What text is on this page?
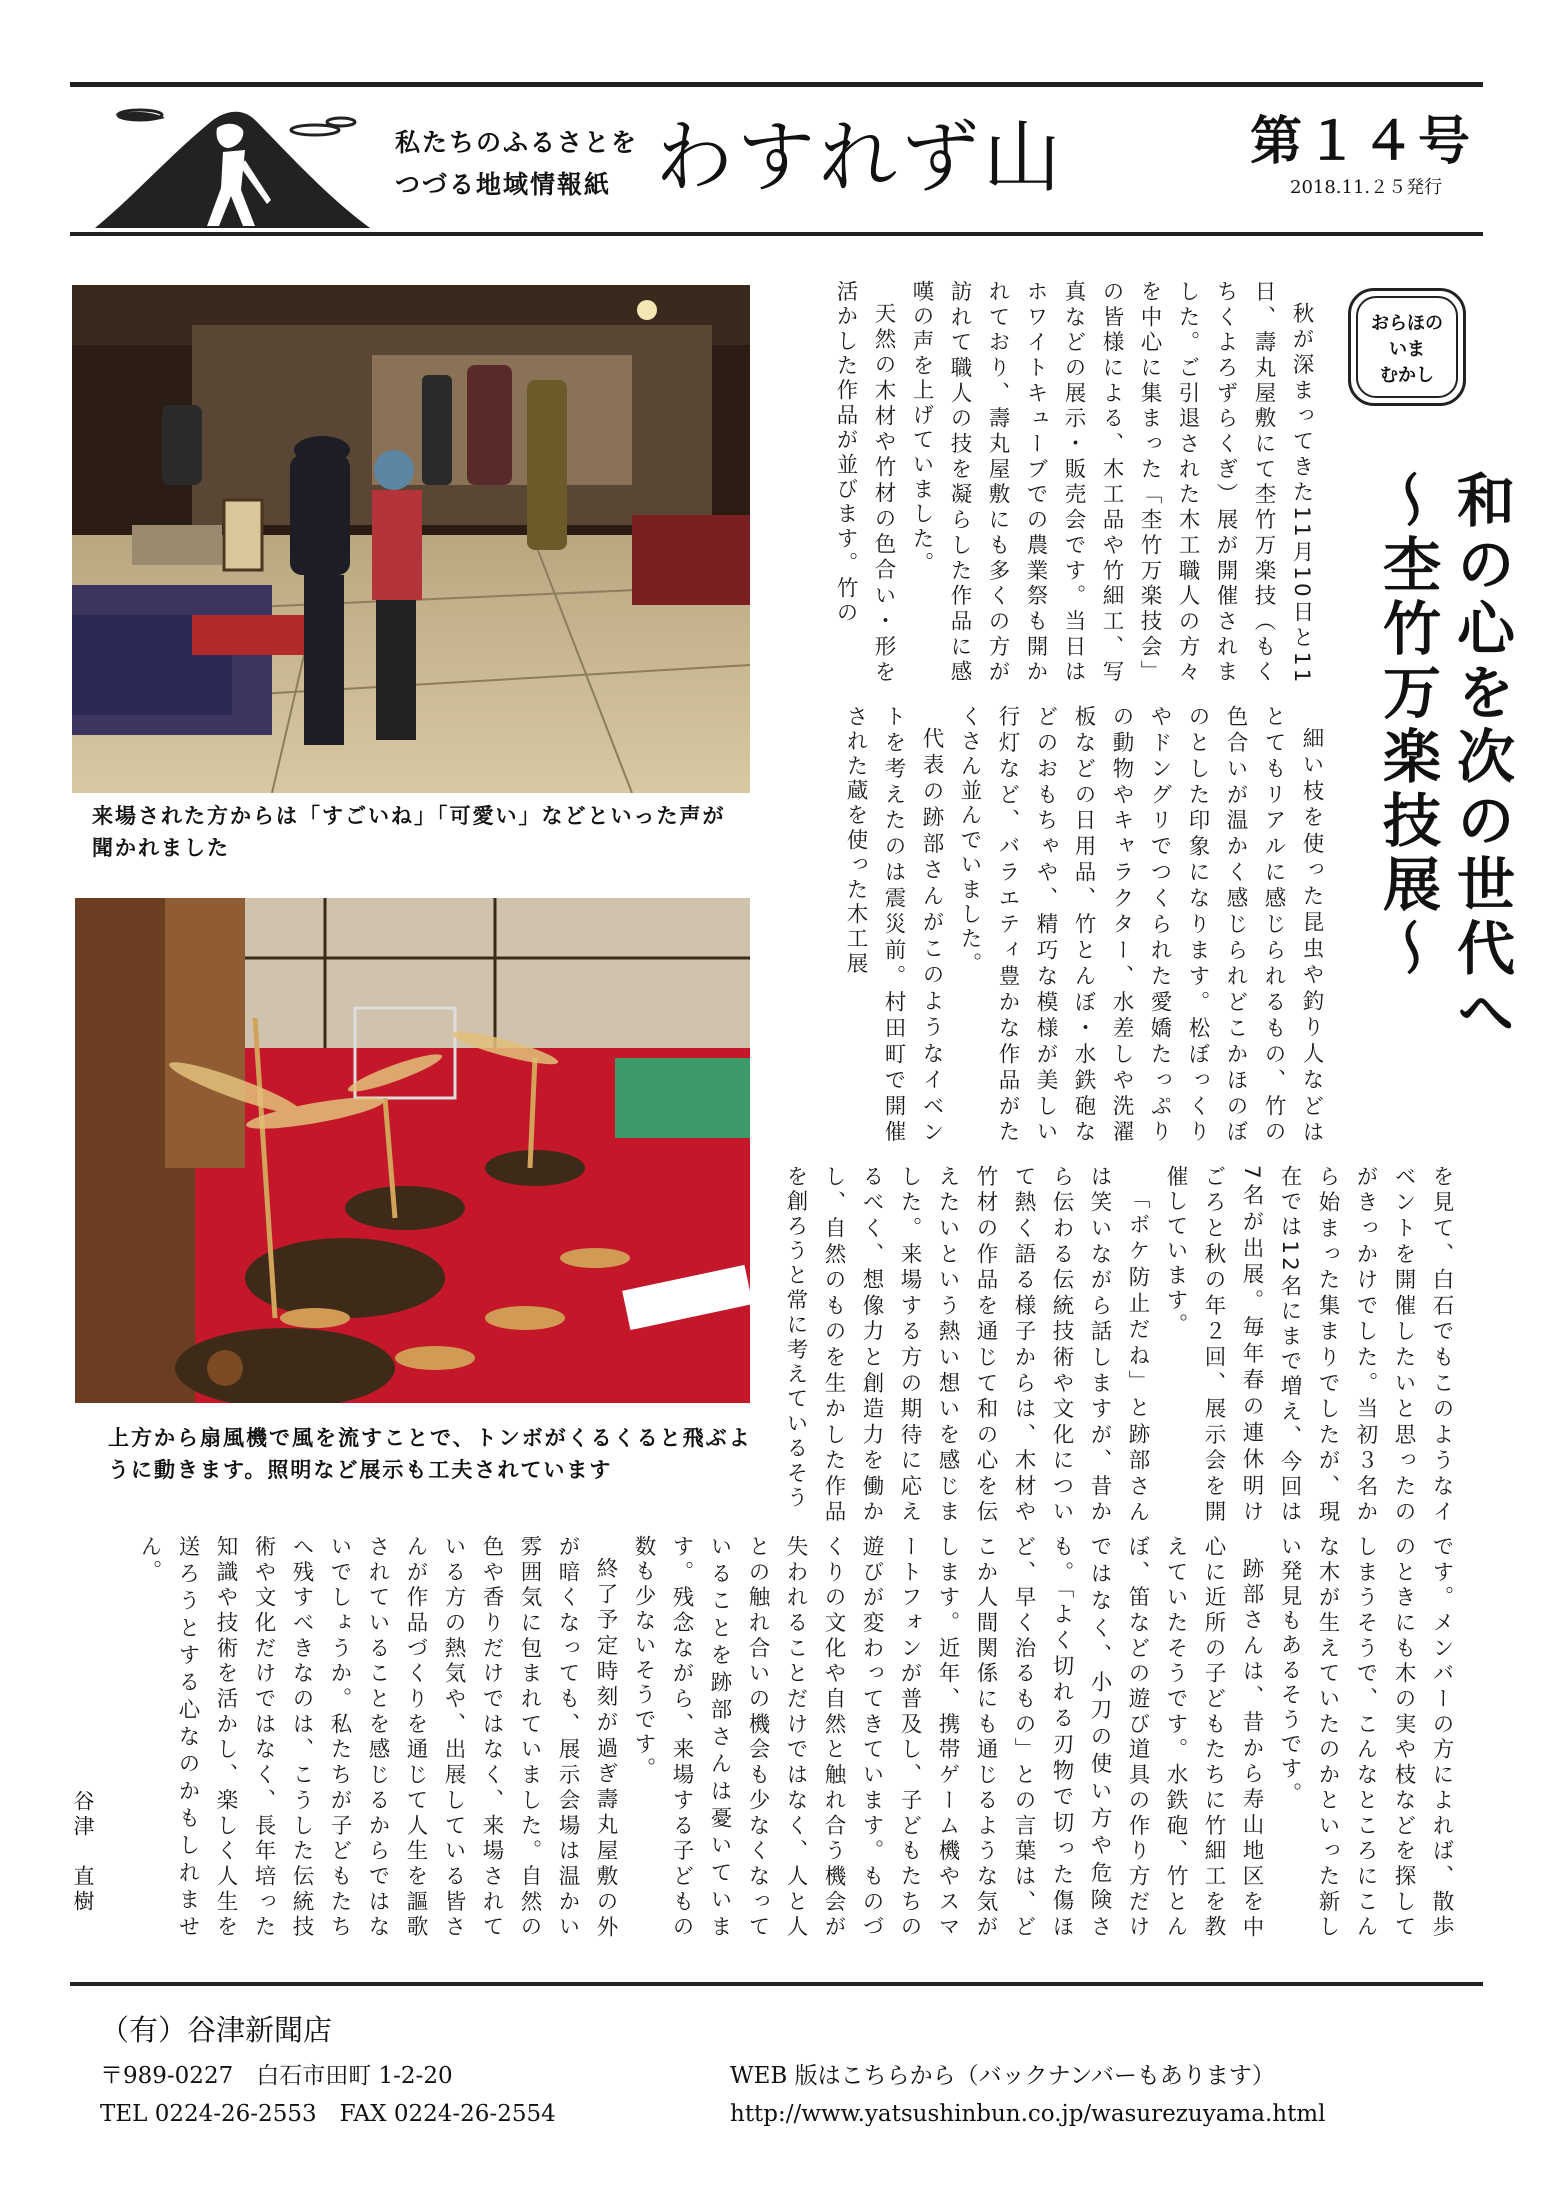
私たちのふるさとを
つづる地域情報紙 わすれず山	第１４号
2018.11.２５発行
おらほの
いま
むかし
和の心を次の世代へ
〜杢竹万楽技展〜

秋が深まってきた11月10日と11日、壽丸屋敷にて杢竹万楽技（もくちくよろずらくぎ）展が開催されました。ご引退された木工職人の方々を中心に集まった「杢竹万楽技会」の皆様による、木工品や竹細工、写真などの展示・販売会です。当日はホワイトキューブでの農業祭も開かれており、壽丸屋敷にも多くの方が訪れて職人の技を凝らした作品に感嘆の声を上げていました。

天然の木材や竹材の色合い・形を活かした作品が並びます。竹の

細い枝を使った昆虫や釣り人などはとてもリアルに感じられるもの、竹の色合いが温かく感じられどこかほのぼのとした印象になります。松ぼっくりやドングリでつくられた愛嬌たっぷりの動物やキャラクター、水差しや洗濯板などの日用品、竹とんぼ・水鉄砲などのおもちゃや、精巧な模様が美しい行灯など、バラエティ豊かな作品がたくさん並んでいました。

代表の跡部さんがこのようなイベントを考えたのは震災前。村田町で開催された蔵を使った木工展

を見て、白石でもこのようなイベントを開催したいと思ったのがきっかけでした。当初３名から始まった集まりでしたが、現在では12名にまで増え、今回は7名が出展。毎年春の連休明けごろと秋の年２回、展示会を開催しています。

「ボケ防止だね」と跡部さんは笑いながら話しますが、昔から伝わる伝統技術や文化について熱く語る様子からは、木材や竹材の作品を通じて和の心を伝えたいという熱い想いを感じました。来場する方の期待に応えるべく、想像力と創造力を働かし、自然のものを生かした作品を創ろうと常に考えているそう

です。メンバーの方によれば、散歩のときにも木の実や枝などを探してしまうそうで、こんなところにこんな木が生えていたのかといった新しい発見もあるそうです。

跡部さんは、昔から寿山地区を中心に近所の子どもたちに竹細工を教えていたそうです。水鉄砲、竹とんぼ、笛などの遊び道具の作り方だけではなく、小刀の使い方や危険さも。「よく切れる刃物で切った傷ほど、早く治るもの」との言葉は、どこか人間関係にも通じるような気がします。近年、携帯ゲーム機やスマートフォンが普及し、子どもたちの遊びが変わってきています。ものづくりの文化や自然と触れ合う機会が失われることだけではなく、人と人との触れ合いの機会も少なくなっていることを跡部さんは憂いています。残念ながら、来場する子どもの数も少ないそうです。

終了予定時刻が過ぎ壽丸屋敷の外が暗くなっても、展示会場は温かい雰囲気に包まれていました。自然の色や香りだけではなく、来場されている方の熱気や、出展している皆さんが作品づくりを通じて人生を謳歌されていることを感じるからではないでしょうか。私たちが子どもたちへ残すべきなのは、こうした伝統技術や文化だけではなく、長年培った知識や技術を活かし、楽しく人生を送ろうとする心なのかもしれません。

谷津　直樹
来場された方からは「すごいね」「可愛い」などといった声が聞かれました
上方から扇風機で風を流すことで、トンボがくるくると飛ぶように動きます。照明など展示も工夫されています
（有）谷津新聞店
〒989-0227　白石市田町 1-2-20
TEL 0224-26-2553　FAX 0224-26-2554
WEB 版はこちらから（バックナンバーもあります）
http://www.yatsushinbun.co.jp/wasurezuyama.html
